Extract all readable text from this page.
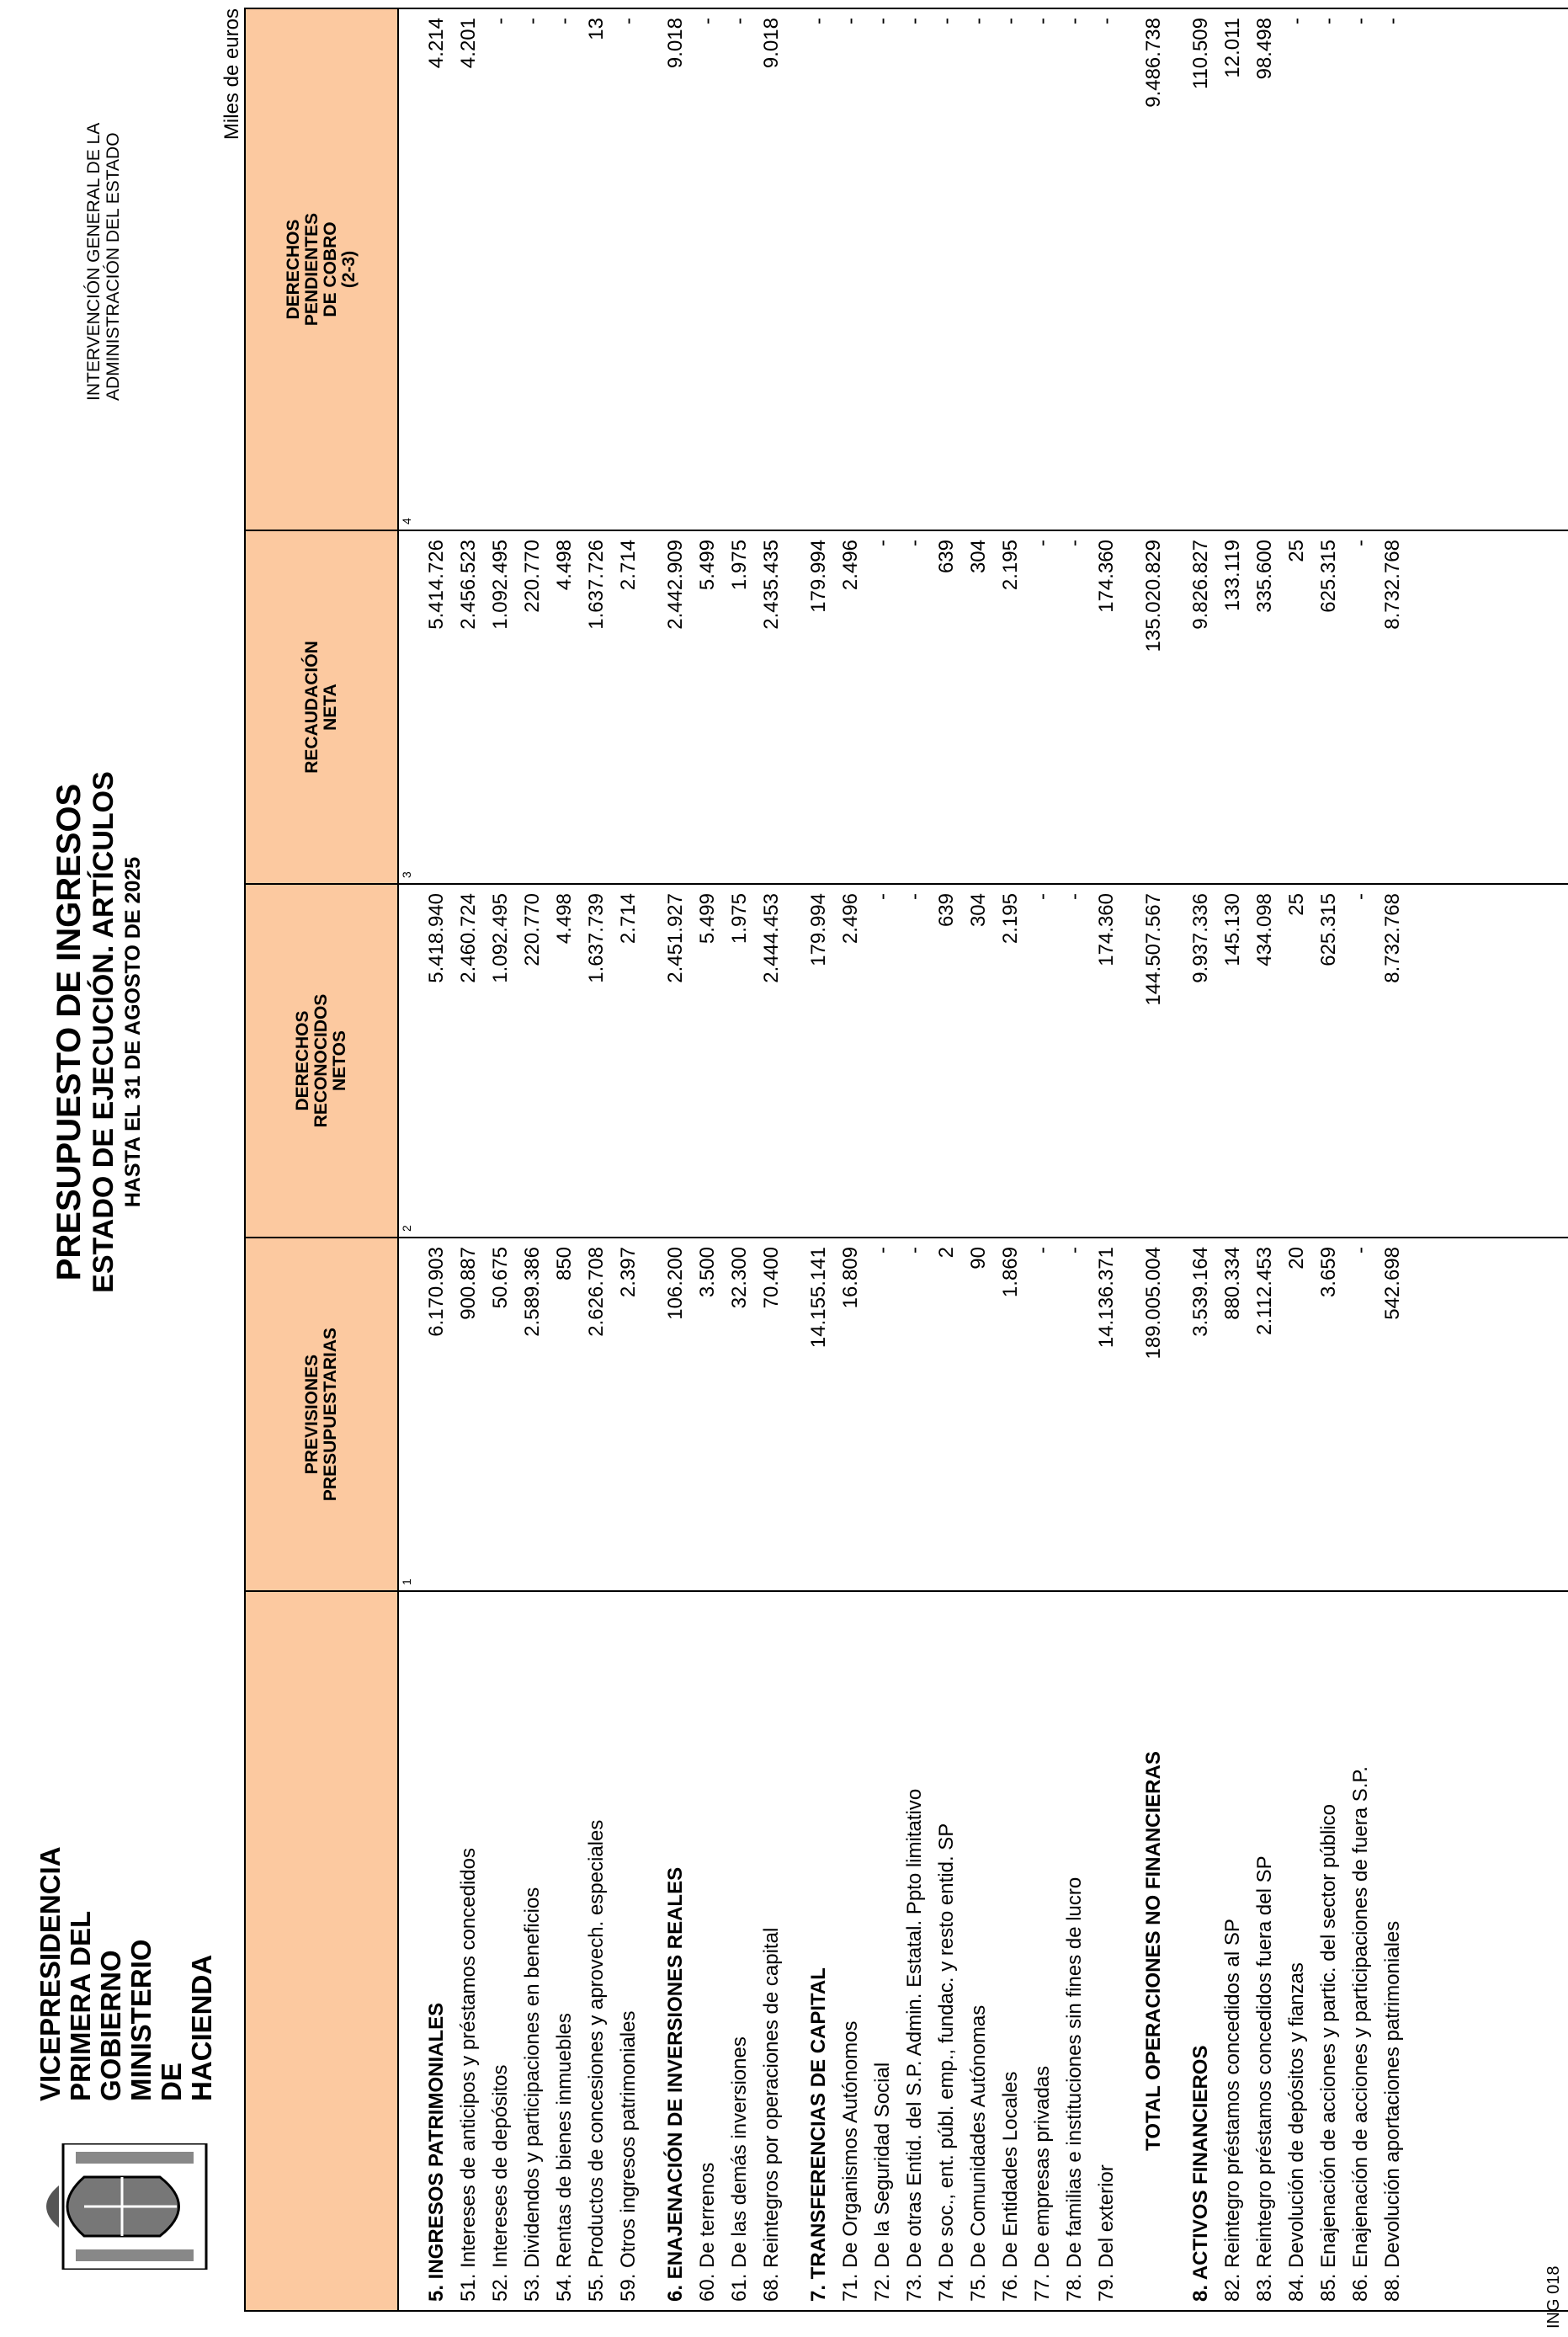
VICEPRESIDENCIA
PRIMERA DEL GOBIERNO MINISTERIO
DE HACIENDA
PRESUPUESTO DE INGRESOS ESTADO DE EJECUCIÓN. ARTÍCULOS HASTA EL 31 DE AGOSTO DE 2025
INTERVENCIÓN GENERAL DE LA
ADMINISTRACIÓN DEL ESTADO
Miles de euros
	PREVISIONES
PRESUPUESTARIAS	DERECHOS
RECONOCIDOS
NETOS	RECAUDACIÓN
NETA	DERECHOS
PENDIENTES
DE COBRO
(2-3)
	1	2	3	4
5. INGRESOS PATRIMONIALES	6.170.903	5.418.940	5.414.726	4.214
51. Intereses de anticipos y préstamos concedidos	900.887	2.460.724	2.456.523	4.201
52. Intereses de depósitos	50.675	1.092.495	1.092.495	-
53. Dividendos y participaciones en beneficios	2.589.386	220.770	220.770	-
54. Rentas de bienes inmuebles	850	4.498	4.498	-
55. Productos de concesiones y aprovech. especiales	2.626.708	1.637.739	1.637.726	13
59. Otros ingresos patrimoniales	2.397	2.714	2.714	-

6. ENAJENACIÓN DE INVERSIONES REALES	106.200	2.451.927	2.442.909	9.018
60. De terrenos	3.500	5.499	5.499	-
61. De las demás inversiones	32.300	1.975	1.975	-
68. Reintegros por operaciones de capital	70.400	2.444.453	2.435.435	9.018

7. TRANSFERENCIAS DE CAPITAL	14.155.141	179.994	179.994	-
71. De Organismos Autónomos	16.809	2.496	2.496	-
72. De la Seguridad Social	-	-	-	-
73. De otras Entid. del S.P. Admin. Estatal. Ppto limitativo	-	-	-	-
74. De soc., ent. públ. emp., fundac. y resto entid. SP	2	639	639	-
75. De Comunidades Autónomas	90	304	304	-
76. De Entidades Locales	1.869	2.195	2.195	-
77. De empresas privadas	-	-	-	-
78. De familias e instituciones sin fines de lucro	-	-	-	-
79. Del exterior	14.136.371	174.360	174.360	-

TOTAL OPERACIONES NO FINANCIERAS	189.005.004	144.507.567	135.020.829	9.486.738

8. ACTIVOS FINANCIEROS	3.539.164	9.937.336	9.826.827	110.509
82. Reintegro préstamos concedidos al SP	880.334	145.130	133.119	12.011
83. Reintegro préstamos concedidos fuera del SP	2.112.453	434.098	335.600	98.498
84. Devolución de depósitos y fianzas	20	25	25	-
85. Enajenación de acciones y partic. del sector público	3.659	625.315	625.315	-
86. Enajenación de acciones y participaciones de fuera S.P.	-	-	-	-
88. Devolución aportaciones patrimoniales	542.698	8.732.768	8.732.768	-

ING 018
